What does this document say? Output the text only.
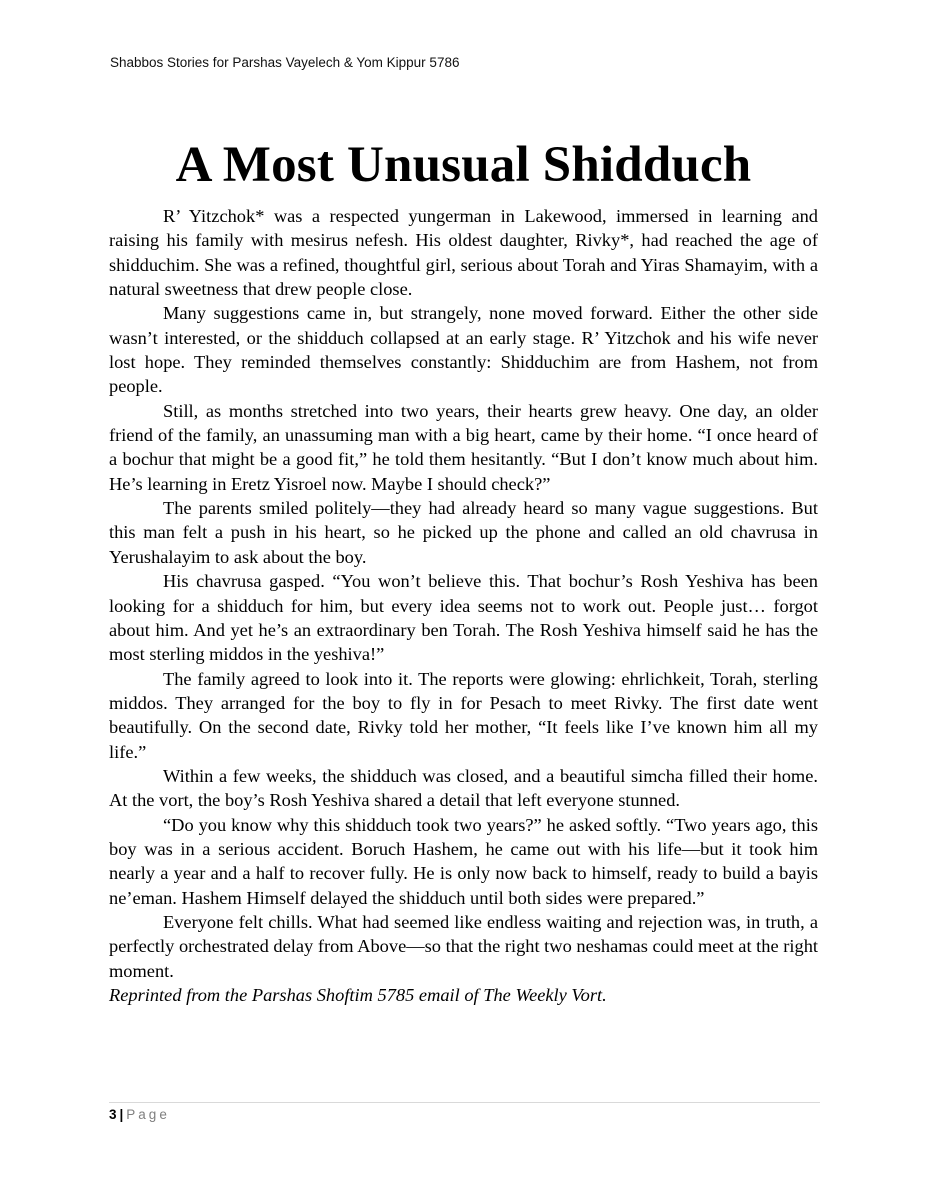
Shabbos Stories for Parshas Vayelech & Yom Kippur 5786
A Most Unusual Shidduch

R’ Yitzchok* was a respected yungerman in Lakewood, immersed in learning and raising his family with mesirus nefesh. His oldest daughter, Rivky*, had reached the age of shidduchim. She was a refined, thoughtful girl, serious about Torah and Yiras Shamayim, with a natural sweetness that drew people close.

Many suggestions came in, but strangely, none moved forward. Either the other side wasn’t interested, or the shidduch collapsed at an early stage. R’ Yitzchok and his wife never lost hope. They reminded themselves constantly: Shidduchim are from Hashem, not from people.

Still, as months stretched into two years, their hearts grew heavy. One day, an older friend of the family, an unassuming man with a big heart, came by their home. “I once heard of a bochur that might be a good fit,” he told them hesitantly. “But I don’t know much about him. He’s learning in Eretz Yisroel now. Maybe I should check?”

The parents smiled politely—they had already heard so many vague suggestions. But this man felt a push in his heart, so he picked up the phone and called an old chavrusa in Yerushalayim to ask about the boy.

His chavrusa gasped. “You won’t believe this. That bochur’s Rosh Yeshiva has been looking for a shidduch for him, but every idea seems not to work out. People just… forgot about him. And yet he’s an extraordinary ben Torah. The Rosh Yeshiva himself said he has the most sterling middos in the yeshiva!”

The family agreed to look into it. The reports were glowing: ehrlichkeit, Torah, sterling middos. They arranged for the boy to fly in for Pesach to meet Rivky. The first date went beautifully. On the second date, Rivky told her mother, “It feels like I’ve known him all my life.”

Within a few weeks, the shidduch was closed, and a beautiful simcha filled their home. At the vort, the boy’s Rosh Yeshiva shared a detail that left everyone stunned.

“Do you know why this shidduch took two years?” he asked softly. “Two years ago, this boy was in a serious accident. Boruch Hashem, he came out with his life—but it took him nearly a year and a half to recover fully. He is only now back to himself, ready to build a bayis ne’eman. Hashem Himself delayed the shidduch until both sides were prepared.”

Everyone felt chills. What had seemed like endless waiting and rejection was, in truth, a perfectly orchestrated delay from Above—so that the right two neshamas could meet at the right moment.

Reprinted from the Parshas Shoftim 5785 email of The Weekly Vort.

3 | Page
